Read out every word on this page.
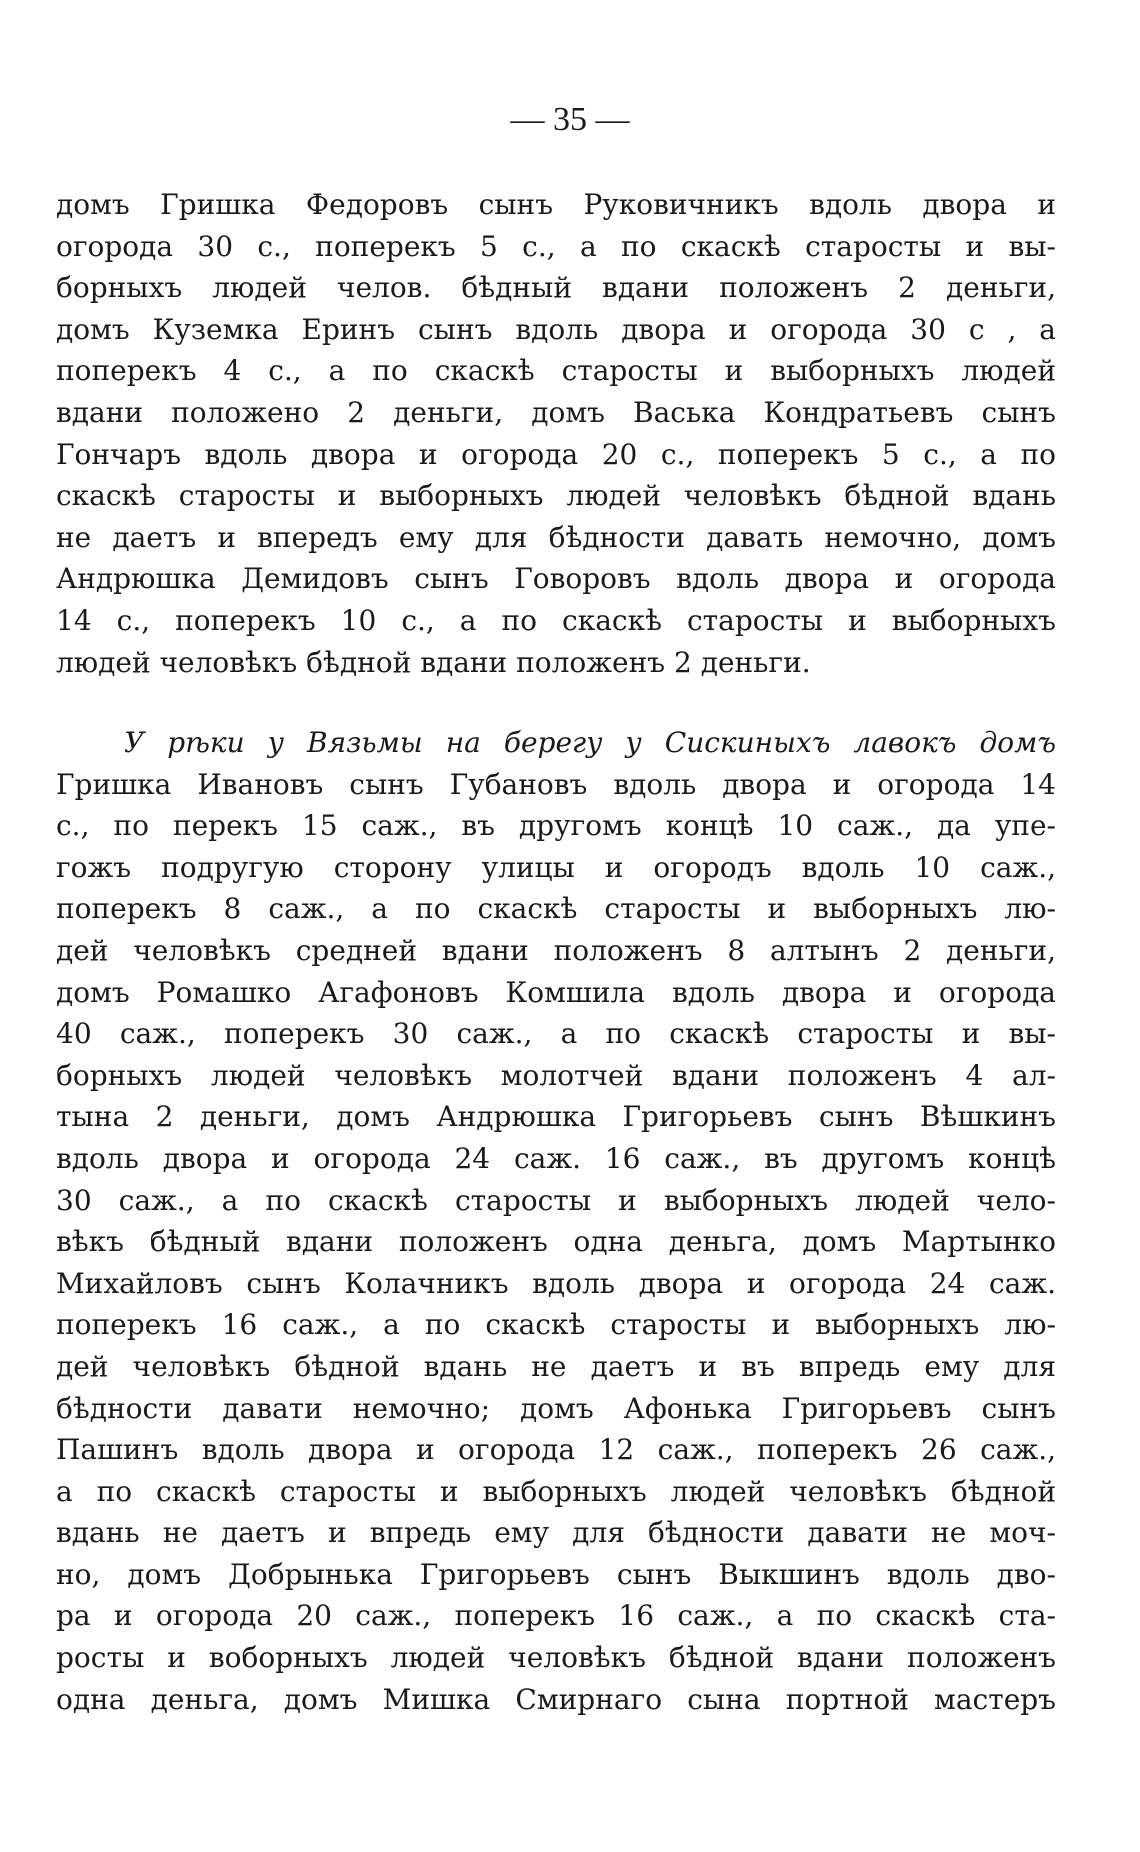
— 35 —
домъ Гришка Федоровъ сынъ Руковичникъ вдоль двора и
огорода 30 с., поперекъ 5 с., а по скаскѣ старосты и вы-
борныхъ людей челов. бѣдный вдани положенъ 2 деньги,
домъ Куземка Еринъ сынъ вдоль двора и огорода 30 с , а
поперекъ 4 с., а по скаскѣ старосты и выборныхъ людей
вдани положено 2 деньги, домъ Васька Кондратьевъ сынъ
Гончаръ вдоль двора и огорода 20 с., поперекъ 5 с., а по
скаскѣ старосты и выборныхъ людей человѣкъ бѣдной вдань
не даетъ и впередъ ему для бѣдности давать немочно, домъ
Андрюшка Демидовъ сынъ Говоровъ вдоль двора и огорода
14 с., поперекъ 10 с., а по скаскѣ старосты и выборныхъ
людей человѣкъ бѣдной вдани положенъ 2 деньги.
У рѣки у Вязьмы на берегу у Сискиныхъ лавокъ домъ
Гришка Ивановъ сынъ Губановъ вдоль двора и огорода 14
с., по перекъ 15 саж., въ другомъ концѣ 10 саж., да упе-
гожъ подругую сторону улицы и огородъ вдоль 10 саж.,
поперекъ 8 саж., а по скаскѣ старосты и выборныхъ лю-
дей человѣкъ средней вдани положенъ 8 алтынъ 2 деньги,
домъ Ромашко Агафоновъ Комшила вдоль двора и огорода
40 саж., поперекъ 30 саж., а по скаскѣ старосты и вы-
борныхъ людей человѣкъ молотчей вдани положенъ 4 ал-
тына 2 деньги, домъ Андрюшка Григорьевъ сынъ Вѣшкинъ
вдоль двора и огорода 24 саж. 16 саж., въ другомъ концѣ
30 саж., а по скаскѣ старосты и выборныхъ людей чело-
вѣкъ бѣдный вдани положенъ одна деньга, домъ Мартынко
Михайловъ сынъ Колачникъ вдоль двора и огорода 24 саж.
поперекъ 16 саж., а по скаскѣ старосты и выборныхъ лю-
дей человѣкъ бѣдной вдань не даетъ и въ впредь ему для
бѣдности давати немочно; домъ Афонька Григорьевъ сынъ
Пашинъ вдоль двора и огорода 12 саж., поперекъ 26 саж.,
а по скаскѣ старосты и выборныхъ людей человѣкъ бѣдной
вдань не даетъ и впредь ему для бѣдности давати не моч-
но, домъ Добрынька Григорьевъ сынъ Выкшинъ вдоль дво-
ра и огорода 20 саж., поперекъ 16 саж., а по скаскѣ ста-
росты и воборныхъ людей человѣкъ бѣдной вдани положенъ
одна деньга, домъ Мишка Смирнаго сына портной мастеръ
